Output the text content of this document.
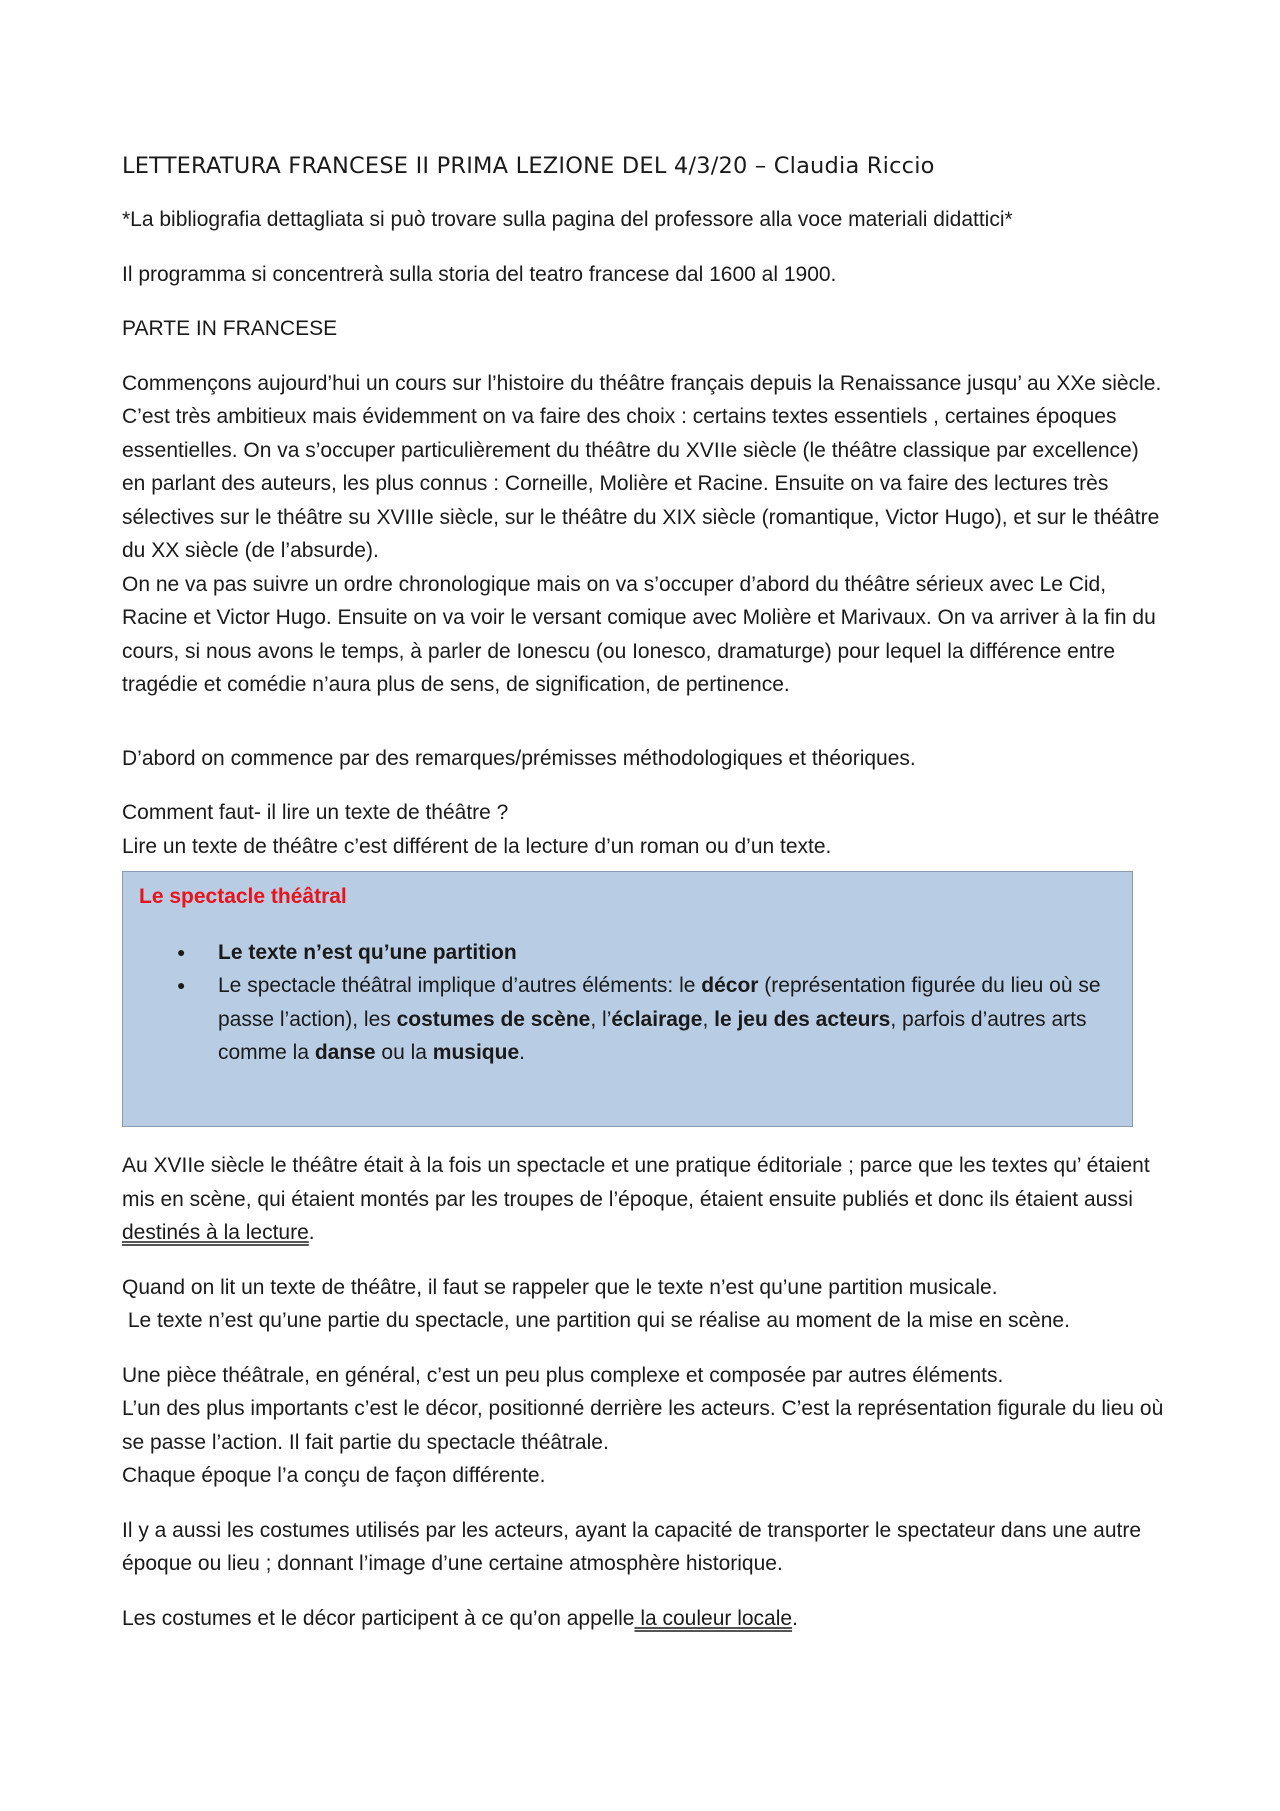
LETTERATURA FRANCESE II PRIMA LEZIONE DEL 4/3/20 – Claudia Riccio

*La bibliografia dettagliata si può trovare sulla pagina del professore alla voce materiali didattici*

Il programma si concentrerà sulla storia del teatro francese dal 1600 al 1900.

PARTE IN FRANCESE

Commençons aujourd’hui un cours sur l’histoire du théâtre français depuis la Renaissance jusqu’ au XXe siècle. C’est très ambitieux mais évidemment on va faire des choix : certains textes essentiels , certaines époques essentielles. On va s’occuper particulièrement du théâtre du XVIIe siècle (le théâtre classique par excellence) en parlant des auteurs, les plus connus : Corneille, Molière et Racine. Ensuite on va faire des lectures très sélectives sur le théâtre su XVIIIe siècle, sur le théâtre du XIX siècle (romantique, Victor Hugo), et sur le théâtre du XX siècle (de l’absurde).
On ne va pas suivre un ordre chronologique mais on va s’occuper d’abord du théâtre sérieux avec Le Cid, Racine et Victor Hugo. Ensuite on va voir le versant comique avec Molière et Marivaux. On va arriver à la fin du cours, si nous avons le temps, à parler de Ionescu (ou Ionesco, dramaturge) pour lequel la différence entre tragédie et comédie n’aura plus de sens, de signification, de pertinence.

D’abord on commence par des remarques/prémisses méthodologiques et théoriques.

Comment faut- il lire un texte de théâtre ?
Lire un texte de théâtre c’est différent de la lecture d’un roman ou d’un texte.

Le spectacle théâtral
● Le texte n’est qu’une partition
● Le spectacle théâtral implique d’autres éléments: le décor (représentation figurée du lieu où se passe l’action), les costumes de scène, l’éclairage, le jeu des acteurs, parfois d’autres arts comme la danse ou la musique.

Au XVIIe siècle le théâtre était à la fois un spectacle et une pratique éditoriale ; parce que les textes qu’ étaient mis en scène, qui étaient montés par les troupes de l’époque, étaient ensuite publiés et donc ils étaient aussi destinés à la lecture.

Quand on lit un texte de théâtre, il faut se rappeler que le texte n’est qu’une partition musicale.
Le texte n’est qu’une partie du spectacle, une partition qui se réalise au moment de la mise en scène.

Une pièce théâtrale, en général, c’est un peu plus complexe et composée par autres éléments.
L’un des plus importants c’est le décor, positionné derrière les acteurs. C’est la représentation figurale du lieu où se passe l’action. Il fait partie du spectacle théâtrale.
Chaque époque l’a conçu de façon différente.

Il y a aussi les costumes utilisés par les acteurs, ayant la capacité de transporter le spectateur dans une autre époque ou lieu ; donnant l’image d’une certaine atmosphère historique.

Les costumes et le décor participent à ce qu’on appelle la couleur locale.
